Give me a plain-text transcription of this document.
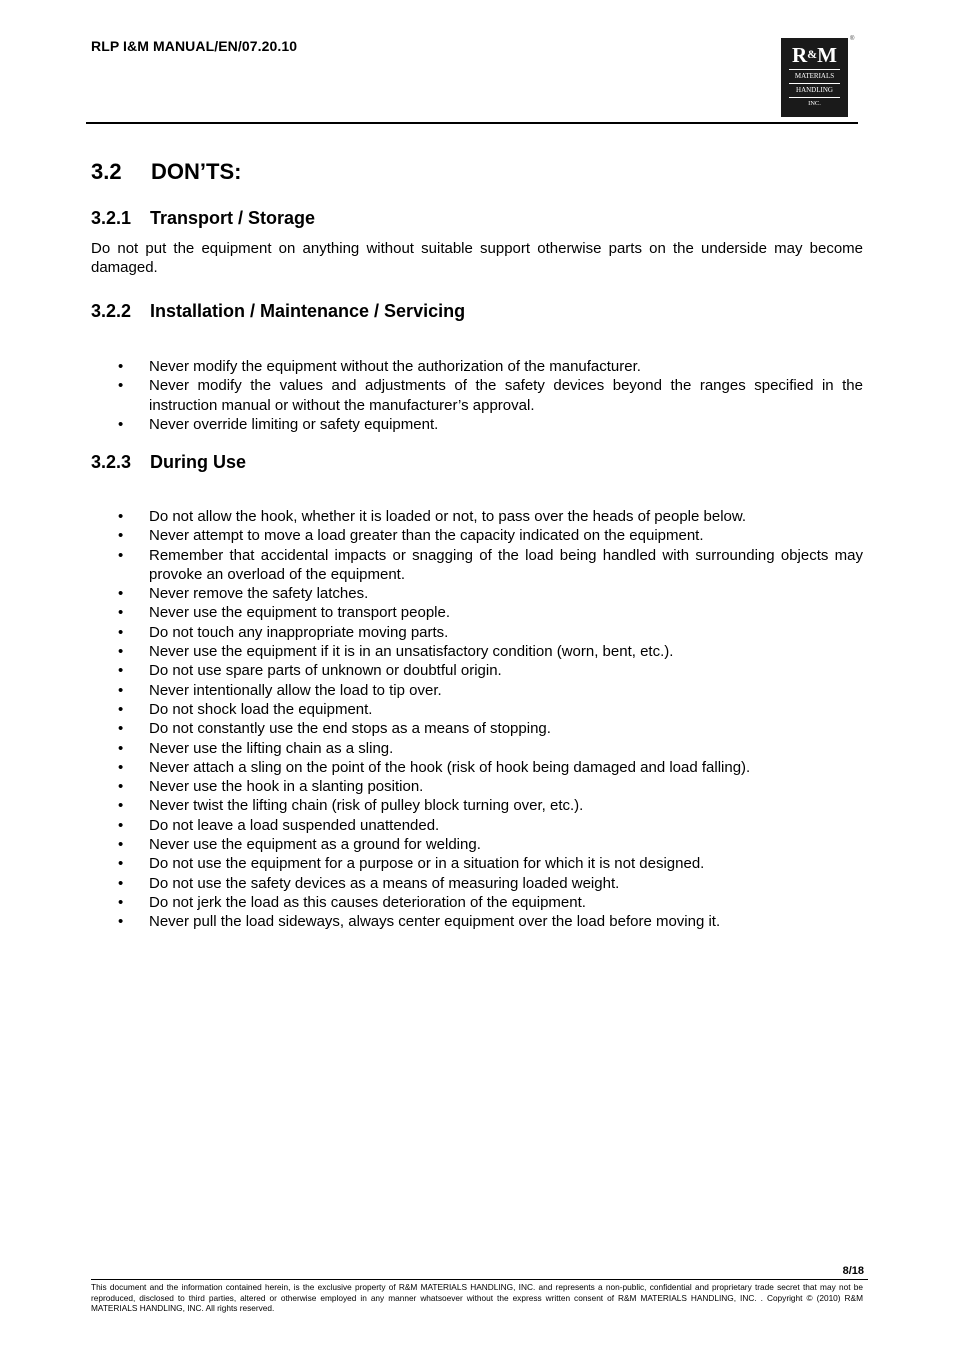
RLP I&M MANUAL/EN/07.20.10	R&M
MATERIALS
HANDLING
INC.
®
3.2 DON’TS:
3.2.1 Transport / Storage

Do not put the equipment on anything without suitable support otherwise parts on the underside may become damaged.

3.2.2 Installation / Maintenance / Servicing
• Never modify the equipment without the authorization of the manufacturer.
• Never modify the values and adjustments of the safety devices beyond the ranges specified in the instruction manual or without the manufacturer’s approval.
• Never override limiting or safety equipment.
3.2.3 During Use
• Do not allow the hook, whether it is loaded or not, to pass over the heads of people below.
• Never attempt to move a load greater than the capacity indicated on the equipment.
• Remember that accidental impacts or snagging of the load being handled with surrounding objects may provoke an overload of the equipment.
• Never remove the safety latches.
• Never use the equipment to transport people.
• Do not touch any inappropriate moving parts.
• Never use the equipment if it is in an unsatisfactory condition (worn, bent, etc.).
• Do not use spare parts of unknown or doubtful origin.
• Never intentionally allow the load to tip over.
• Do not shock load the equipment.
• Do not constantly use the end stops as a means of stopping.
• Never use the lifting chain as a sling.
• Never attach a sling on the point of the hook (risk of hook being damaged and load falling).
• Never use the hook in a slanting position.
• Never twist the lifting chain (risk of pulley block turning over, etc.).
• Do not leave a load suspended unattended.
• Never use the equipment as a ground for welding.
• Do not use the equipment for a purpose or in a situation for which it is not designed.
• Do not use the safety devices as a means of measuring loaded weight.
• Do not jerk the load as this causes deterioration of the equipment.
• Never pull the load sideways, always center equipment over the load before moving it.
8/18

This document and the information contained herein, is the exclusive property of R&M MATERIALS HANDLING, INC. and represents a non-public, confidential and proprietary trade secret that may not be reproduced, disclosed to third parties, altered or otherwise employed in any manner whatsoever without the express written consent of R&M MATERIALS HANDLING, INC. . Copyright © (2010) R&M MATERIALS HANDLING, INC. All rights reserved.
